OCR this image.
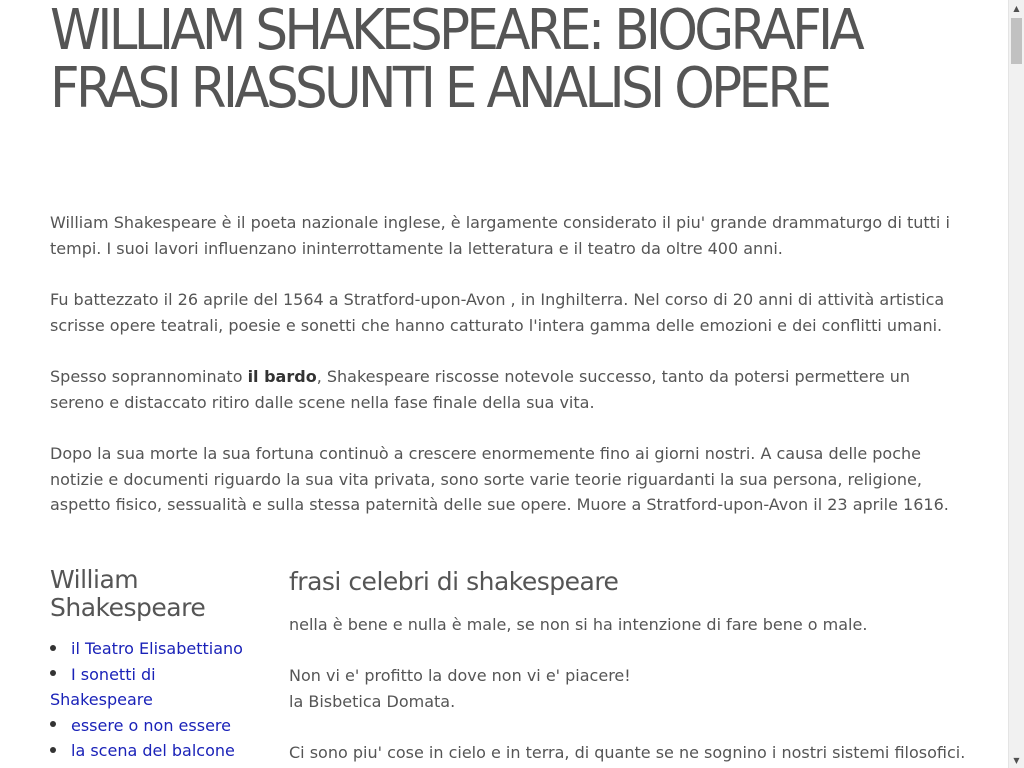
WILLIAM SHAKESPEARE: BIOGRAFIA FRASI RIASSUNTI E ANALISI OPERE

William Shakespeare è il poeta nazionale inglese, è largamente considerato il piu' grande drammaturgo di tutti i tempi. I suoi lavori influenzano ininterrottamente la letteratura e il teatro da oltre 400 anni.

Fu battezzato il 26 aprile del 1564 a Stratford-upon-Avon , in Inghilterra. Nel corso di 20 anni di attività artistica scrisse opere teatrali, poesie e sonetti che hanno catturato l'intera gamma delle emozioni e dei conflitti umani.

Spesso soprannominato il bardo, Shakespeare riscosse notevole successo, tanto da potersi permettere un sereno e distaccato ritiro dalle scene nella fase finale della sua vita.

Dopo la sua morte la sua fortuna continuò a crescere enormemente fino ai giorni nostri. A causa delle poche notizie e documenti riguardo la sua vita privata, sono sorte varie teorie riguardanti la sua persona, religione, aspetto fisico, sessualità e sulla stessa paternità delle sue opere. Muore a Stratford-upon-Avon il 23 aprile 1616.

William Shakespeare
il Teatro Elisabettiano
I sonetti di Shakespeare
essere o non essere
la scena del balcone
frasi celebri di shakespeare

nella è bene e nulla è male, se non si ha intenzione di fare bene o male.

Non vi e' profitto la dove non vi e' piacere!
la Bisbetica Domata.

Ci sono piu' cose in cielo e in terra, di quante se ne sognino i nostri sistemi filosofici.

▲
▼
